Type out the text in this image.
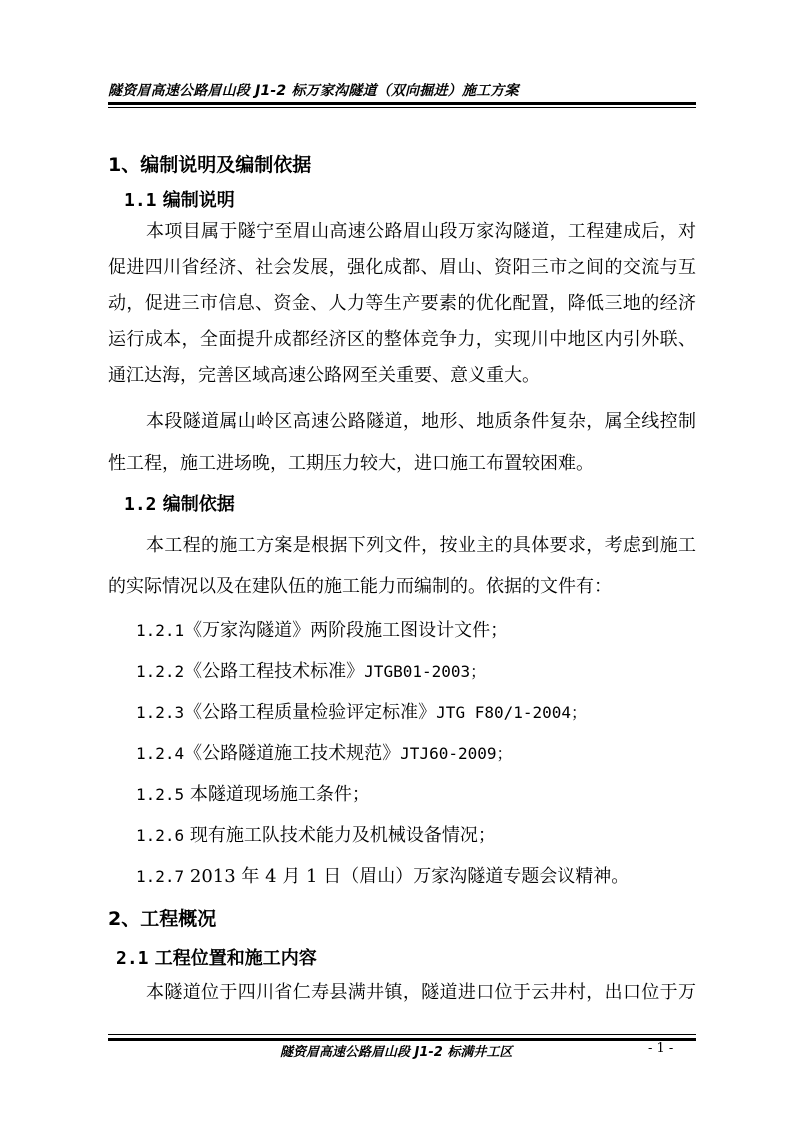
隧资眉高速公路眉山段 J1-2 标万家沟隧道（双向掘进）施工方案
1、编制说明及编制依据
1.1 编制说明
本项目属于隧宁至眉山高速公路眉山段万家沟隧道，工程建成后，对
促进四川省经济、社会发展，强化成都、眉山、资阳三市之间的交流与互
动，促进三市信息、资金、人力等生产要素的优化配置，降低三地的经济
运行成本，全面提升成都经济区的整体竞争力，实现川中地区内引外联、
通江达海，完善区域高速公路网至关重要、意义重大。
本段隧道属山岭区高速公路隧道，地形、地质条件复杂，属全线控制
性工程，施工进场晚，工期压力较大，进口施工布置较困难。
1.2 编制依据
本工程的施工方案是根据下列文件，按业主的具体要求，考虑到施工
的实际情况以及在建队伍的施工能力而编制的。依据的文件有：
1.2.1《万家沟隧道》两阶段施工图设计文件；
1.2.2《公路工程技术标准》JTGB01-2003；
1.2.3《公路工程质量检验评定标准》JTG F80/1-2004；
1.2.4《公路隧道施工技术规范》JTJ60-2009；
1.2.5 本隧道现场施工条件；
1.2.6 现有施工队技术能力及机械设备情况；
1.2.7 2013 年 4 月 1 日（眉山）万家沟隧道专题会议精神。
2、工程概况
2.1 工程位置和施工内容
本隧道位于四川省仁寿县满井镇，隧道进口位于云井村，出口位于万
隧资眉高速公路眉山段 J1-2 标满井工区	- 1 -
